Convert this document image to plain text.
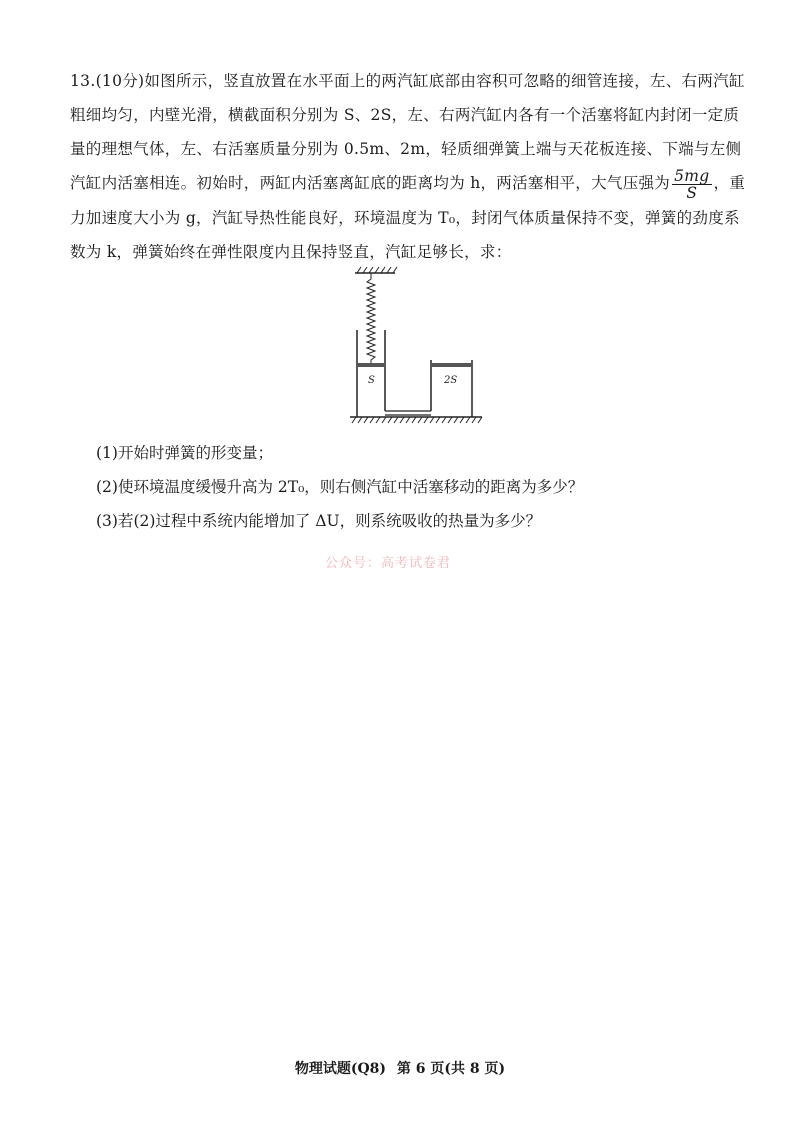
13.(10分)如图所示，竖直放置在水平面上的两汽缸底部由容积可忽略的细管连接，左、右两汽缸粗细均匀，内壁光滑，横截面积分别为 S、2S，左、右两汽缸内各有一个活塞将缸内封闭一定质量的理想气体，左、右活塞质量分别为 0.5m、2m，轻质细弹簧上端与天花板连接、下端与左侧汽缸内活塞相连。初始时，两缸内活塞离缸底的距离均为 h，两活塞相平，大气压强为 $\frac{5mg}{S}$ ，重力加速度大小为 g，汽缸导热性能良好，环境温度为 T₀，封闭气体质量保持不变，弹簧的劲度系数为 k，弹簧始终在弹性限度内且保持竖直，汽缸足够长，求：

S	2S

(1)开始时弹簧的形变量；

(2)使环境温度缓慢升高为 2T₀，则右侧汽缸中活塞移动的距离为多少？

(3)若(2)过程中系统内能增加了 ΔU，则系统吸收的热量为多少？

公众号：高考试卷君
物理试题(Q8) 第 6 页(共 8 页)
